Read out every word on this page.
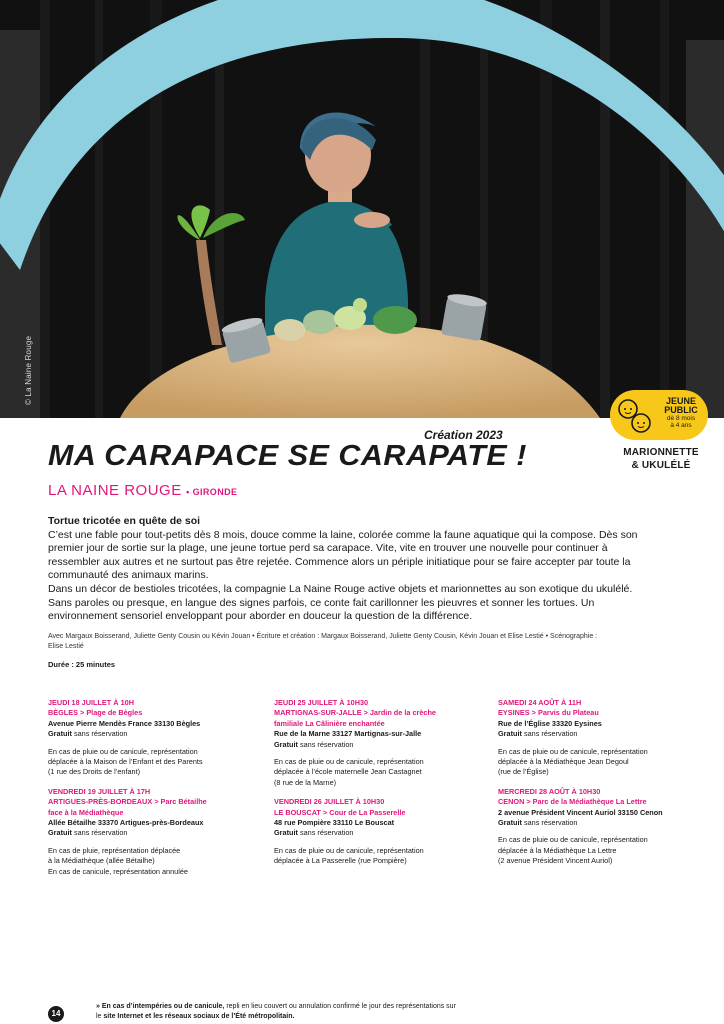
© La Naine Rouge	JEUNE
PUBLIC
dè 8 mois
à 4 ans
MARIONNETTE
& UKULÉLÉ
Création 2023
MA CARAPACE SE CARAPATE !
LA NAINE ROUGE • GIRONDE

Tortue tricotée en quête de soi

C’est une fable pour tout-petits dès 8 mois, douce comme la laine, colorée comme la faune aquatique qui la compose. Dès son premier jour de sortie sur la plage, une jeune tortue perd sa carapace. Vite, vite en trouver une nouvelle pour continuer à ressembler aux autres et ne surtout pas être rejetée. Commence alors un périple initiatique pour se faire accepter par toute la communauté des animaux marins.

Dans un décor de bestioles tricotées, la compagnie La Naine Rouge active objets et marionnettes au son exotique du ukulélé. Sans paroles ou presque, en langue des signes parfois, ce conte fait carillonner les pieuvres et sonner les tortues. Un environnement sensoriel enveloppant pour aborder en douceur la question de la différence.

Avec Margaux Boisserand, Juliette Genty Cousin ou Kévin Jouan • Écriture et création : Margaux Boisserand, Juliette Genty Cousin, Kévin Jouan et Elise Lestié • Scénographie : Elise Lestié
Durée : 25 minutes
JEUDI 18 JUILLET À 10H
BÈGLES > Plage de Bègles
Avenue Pierre Mendès France 33130 Bègles
Gratuit sans réservation
En cas de pluie ou de canicule, représentation
déplacée à la Maison de l’Enfant et des Parents
(1 rue des Droits de l’enfant)
VENDREDI 19 JUILLET À 17H
ARTIGUES-PRÈS-BORDEAUX > Parc Bétailhe
face à la Médiathèque
Allée Bétailhe 33370 Artigues-près-Bordeaux
Gratuit sans réservation
En cas de pluie, représentation déplacée
à la Médiathèque (allée Bétailhe)
En cas de canicule, représentation annulée
JEUDI 25 JUILLET À 10H30
MARTIGNAS-SUR-JALLE > Jardin de la crèche
familiale La Câlinière enchantée
Rue de la Marne 33127 Martignas-sur-Jalle
Gratuit sans réservation
En cas de pluie ou de canicule, représentation
déplacée à l’école maternelle Jean Castagnet
(8 rue de la Marne)
VENDREDI 26 JUILLET À 10H30
LE BOUSCAT > Cour de La Passerelle
48 rue Pompière 33110 Le Bouscat
Gratuit sans réservation
En cas de pluie ou de canicule, représentation
déplacée à La Passerelle (rue Pompière)
SAMEDI 24 AOÛT À 11H
EYSINES > Parvis du Plateau
Rue de l’Église 33320 Eysines
Gratuit sans réservation
En cas de pluie ou de canicule, représentation
déplacée à la Médiathèque Jean Degoul
(rue de l’Église)
MERCREDI 28 AOÛT À 10H30
CENON > Parc de la Médiathèque La Lettre
2 avenue Président Vincent Auriol 33150 Cenon
Gratuit sans réservation
En cas de pluie ou de canicule, représentation
déplacée à la Médiathèque La Lettre
(2 avenue Président Vincent Auriol)
14
» En cas d’intempéries ou de canicule, repli en lieu couvert ou annulation confirmé le jour des représentations sur le site Internet et les réseaux sociaux de l’Été métropolitain.
